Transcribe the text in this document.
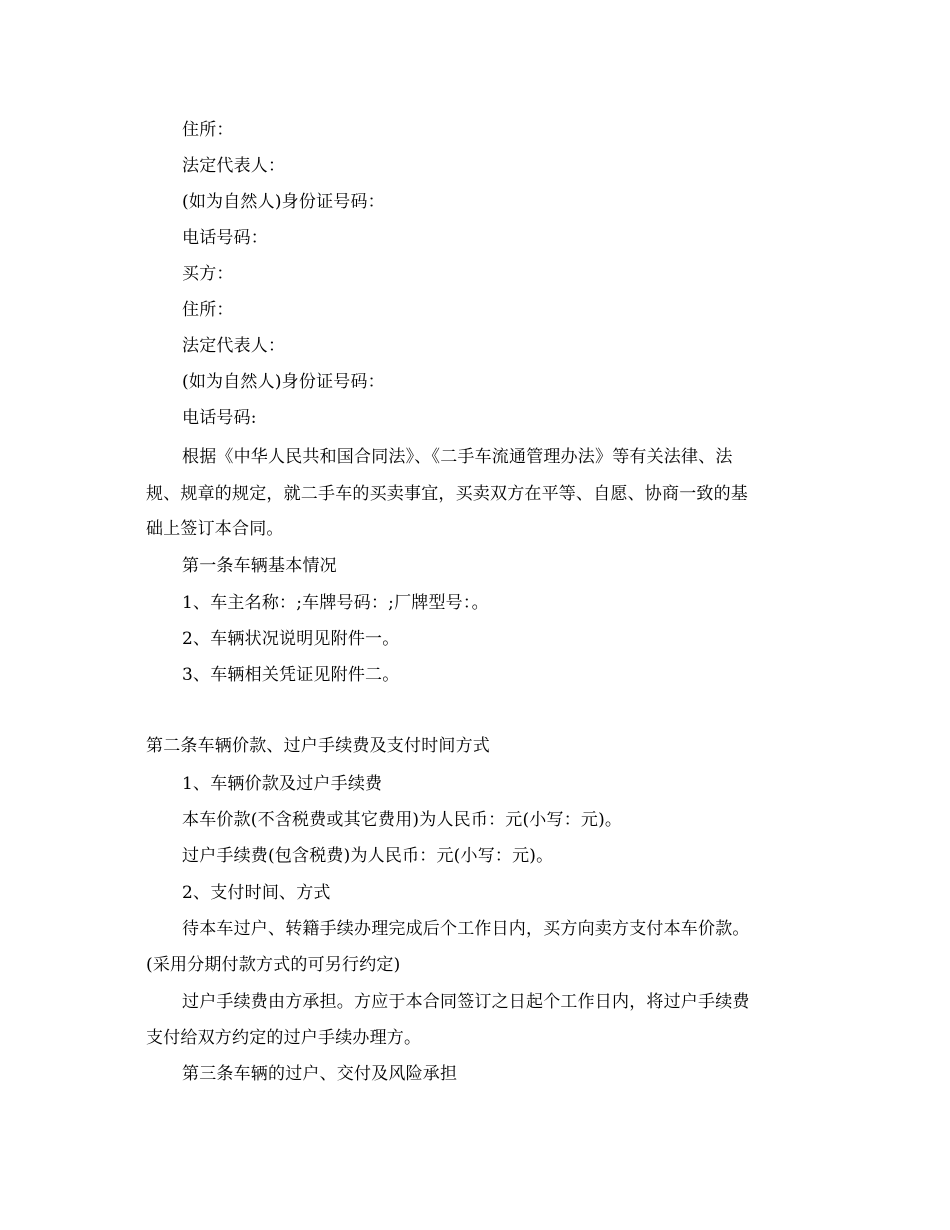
住所：
法定代表人：
(如为自然人)身份证号码：
电话号码：
买方：
住所：
法定代表人：
(如为自然人)身份证号码：
电话号码:
根据《中华人民共和国合同法》、《二手车流通管理办法》等有关法律、法
规、规章的规定，就二手车的买卖事宜，买卖双方在平等、自愿、协商一致的基
础上签订本合同。
第一条车辆基本情况
1、车主名称：;车牌号码：;厂牌型号：。
2、车辆状况说明见附件一。
3、车辆相关凭证见附件二。
第二条车辆价款、过户手续费及支付时间方式
1、车辆价款及过户手续费
本车价款(不含税费或其它费用)为人民币：元(小写：元)。
过户手续费(包含税费)为人民币：元(小写：元)。
2、支付时间、方式
待本车过户、转籍手续办理完成后个工作日内，买方向卖方支付本车价款。
(采用分期付款方式的可另行约定)
过户手续费由方承担。方应于本合同签订之日起个工作日内，将过户手续费
支付给双方约定的过户手续办理方。
第三条车辆的过户、交付及风险承担
